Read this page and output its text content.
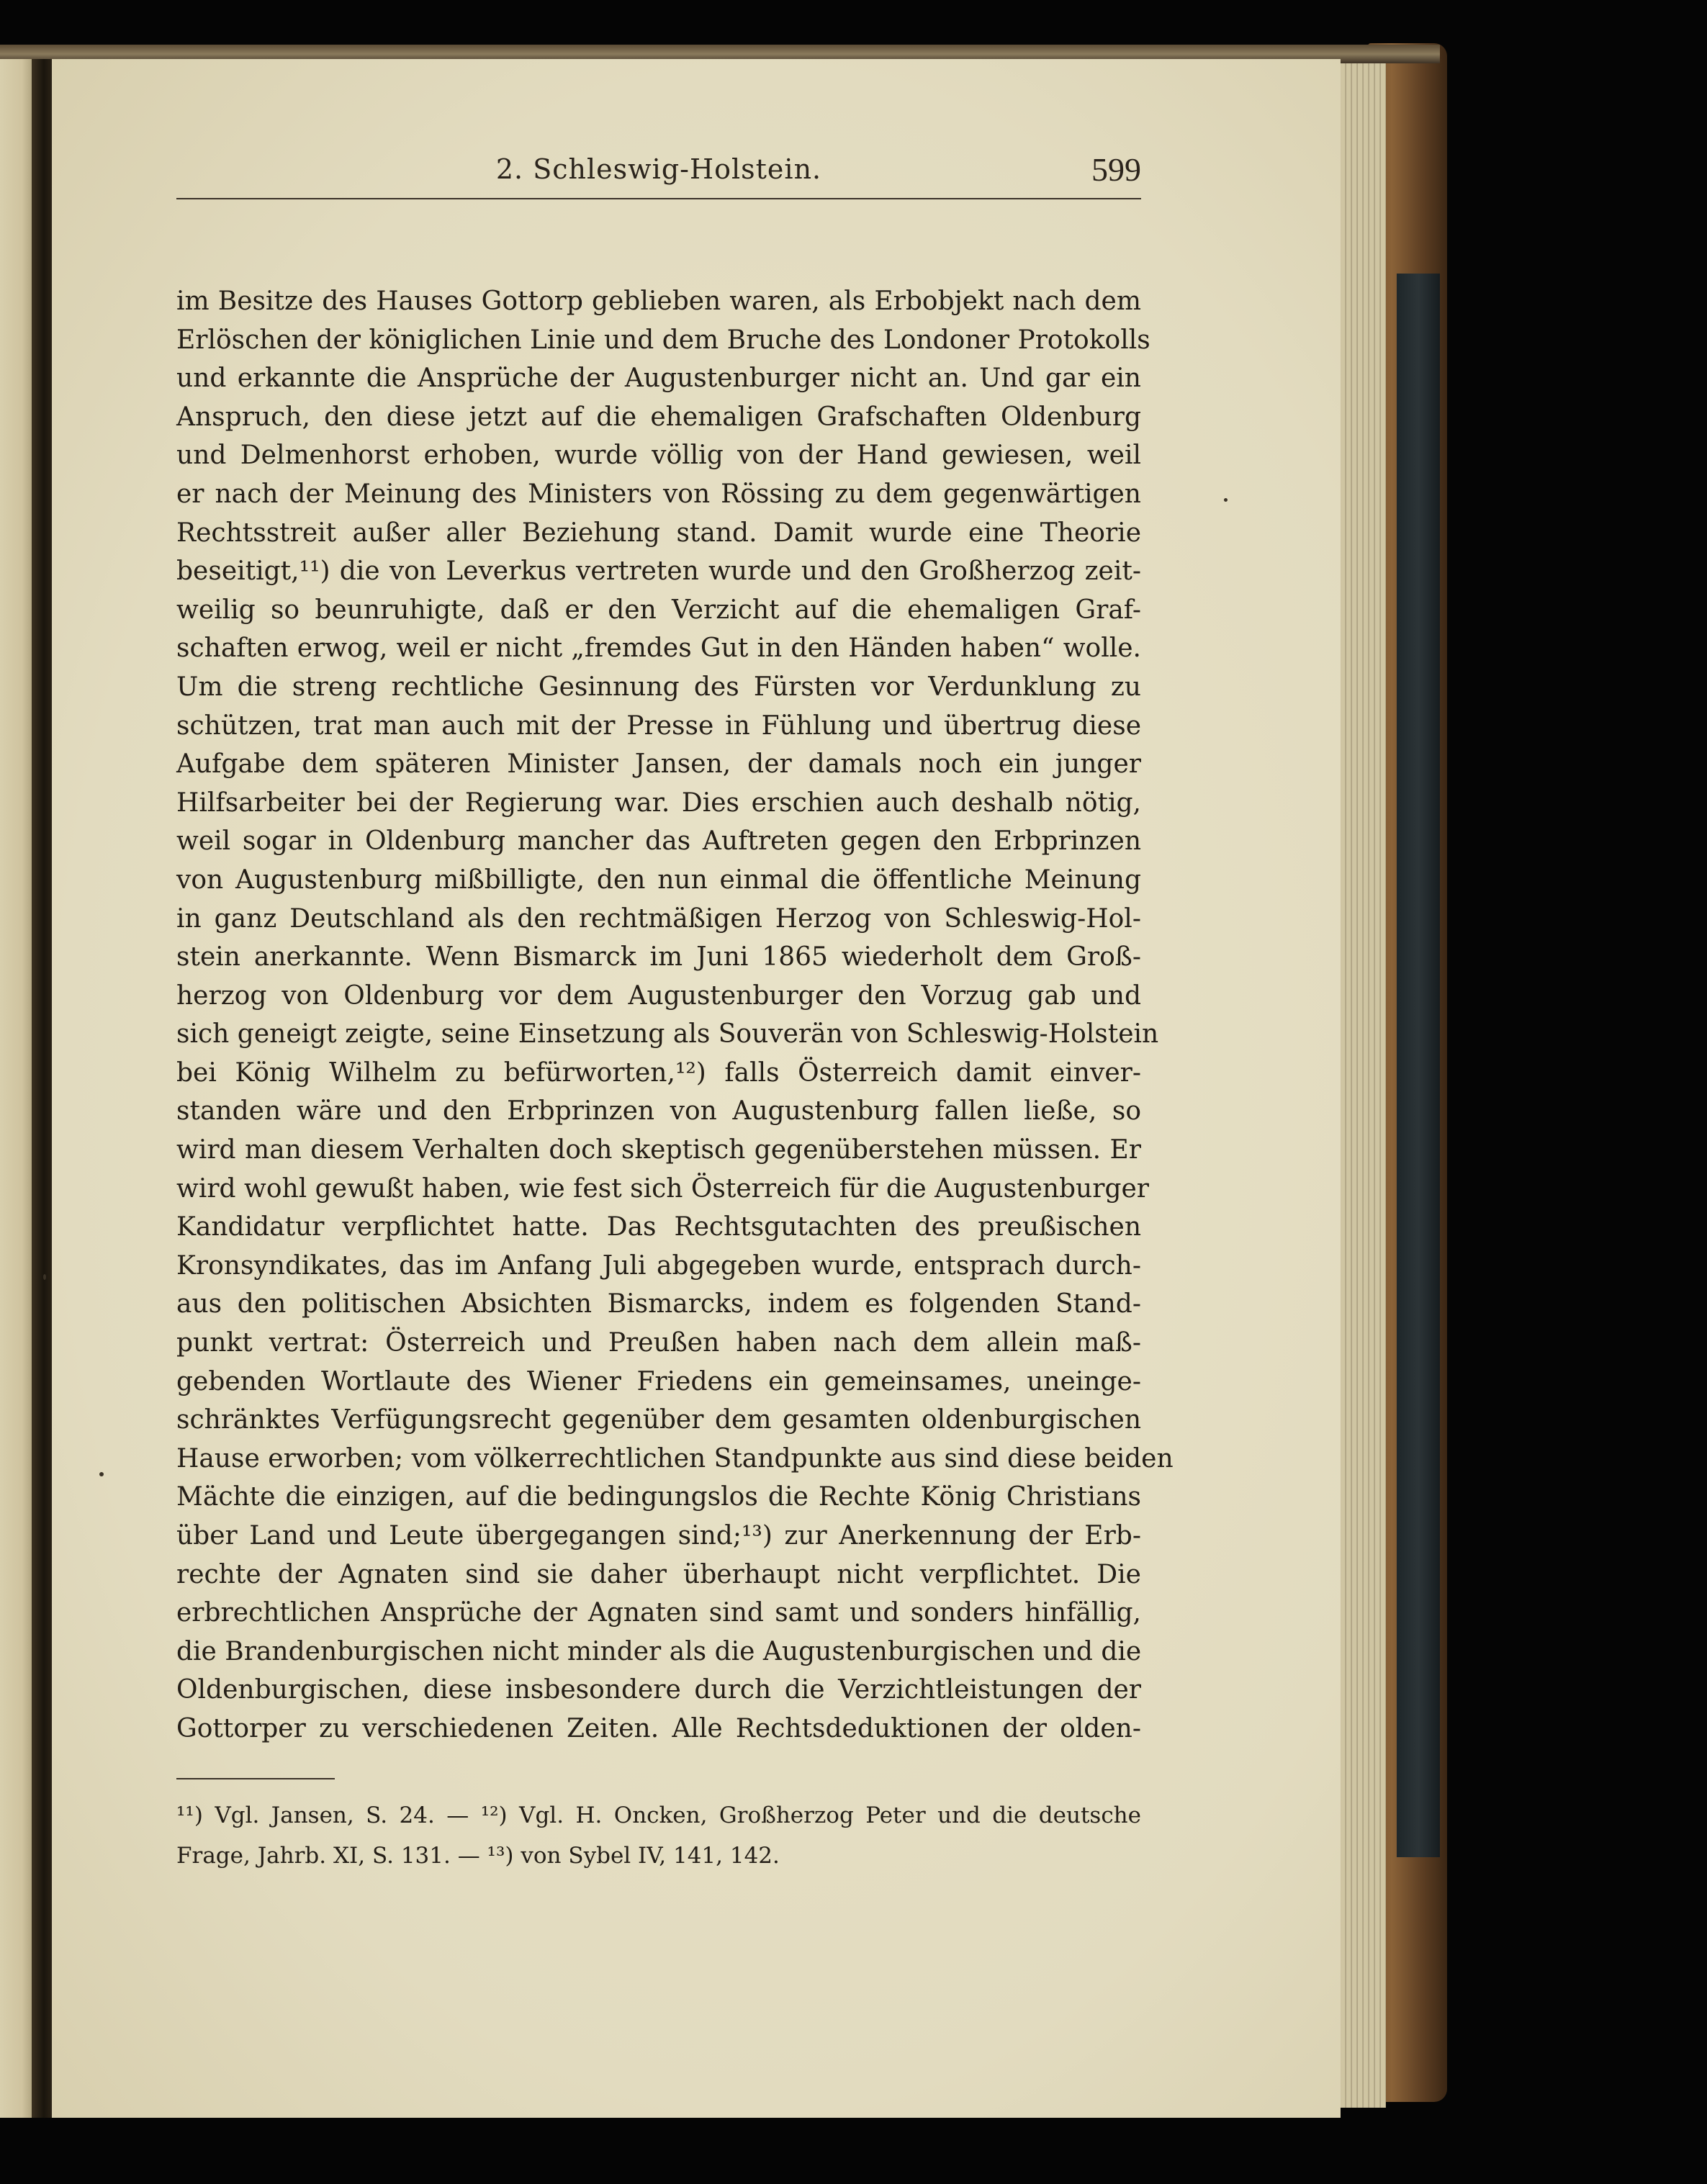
2. Schleswig-Holstein.	599
im Besitze des Hauses Gottorp geblieben waren, als Erbobjekt nach dem
Erlöschen der königlichen Linie und dem Bruche des Londoner Protokolls
und erkannte die Ansprüche der Augustenburger nicht an. Und gar ein
Anspruch, den diese jetzt auf die ehemaligen Grafschaften Oldenburg
und Delmenhorst erhoben, wurde völlig von der Hand gewiesen, weil
er nach der Meinung des Ministers von Rössing zu dem gegenwärtigen
Rechtsstreit außer aller Beziehung stand. Damit wurde eine Theorie
beseitigt,¹¹) die von Leverkus vertreten wurde und den Großherzog zeit-
weilig so beunruhigte, daß er den Verzicht auf die ehemaligen Graf-
schaften erwog, weil er nicht „fremdes Gut in den Händen haben“ wolle.
Um die streng rechtliche Gesinnung des Fürsten vor Verdunklung zu
schützen, trat man auch mit der Presse in Fühlung und übertrug diese
Aufgabe dem späteren Minister Jansen, der damals noch ein junger
Hilfsarbeiter bei der Regierung war. Dies erschien auch deshalb nötig,
weil sogar in Oldenburg mancher das Auftreten gegen den Erbprinzen
von Augustenburg mißbilligte, den nun einmal die öffentliche Meinung
in ganz Deutschland als den rechtmäßigen Herzog von Schleswig-Hol-
stein anerkannte. Wenn Bismarck im Juni 1865 wiederholt dem Groß-
herzog von Oldenburg vor dem Augustenburger den Vorzug gab und
sich geneigt zeigte, seine Einsetzung als Souverän von Schleswig-Holstein
bei König Wilhelm zu befürworten,¹²) falls Österreich damit einver-
standen wäre und den Erbprinzen von Augustenburg fallen ließe, so
wird man diesem Verhalten doch skeptisch gegenüberstehen müssen. Er
wird wohl gewußt haben, wie fest sich Österreich für die Augustenburger
Kandidatur verpflichtet hatte. Das Rechtsgutachten des preußischen
Kronsyndikates, das im Anfang Juli abgegeben wurde, entsprach durch-
aus den politischen Absichten Bismarcks, indem es folgenden Stand-
punkt vertrat: Österreich und Preußen haben nach dem allein maß-
gebenden Wortlaute des Wiener Friedens ein gemeinsames, uneinge-
schränktes Verfügungsrecht gegenüber dem gesamten oldenburgischen
Hause erworben; vom völkerrechtlichen Standpunkte aus sind diese beiden
Mächte die einzigen, auf die bedingungslos die Rechte König Christians
über Land und Leute übergegangen sind;¹³) zur Anerkennung der Erb-
rechte der Agnaten sind sie daher überhaupt nicht verpflichtet. Die
erbrechtlichen Ansprüche der Agnaten sind samt und sonders hinfällig,
die Brandenburgischen nicht minder als die Augustenburgischen und die
Oldenburgischen, diese insbesondere durch die Verzichtleistungen der
Gottorper zu verschiedenen Zeiten. Alle Rechtsdeduktionen der olden-
¹¹) Vgl. Jansen, S. 24. — ¹²) Vgl. H. Oncken, Großherzog Peter und die deutsche
Frage, Jahrb. XI, S. 131. — ¹³) von Sybel IV, 141, 142.
